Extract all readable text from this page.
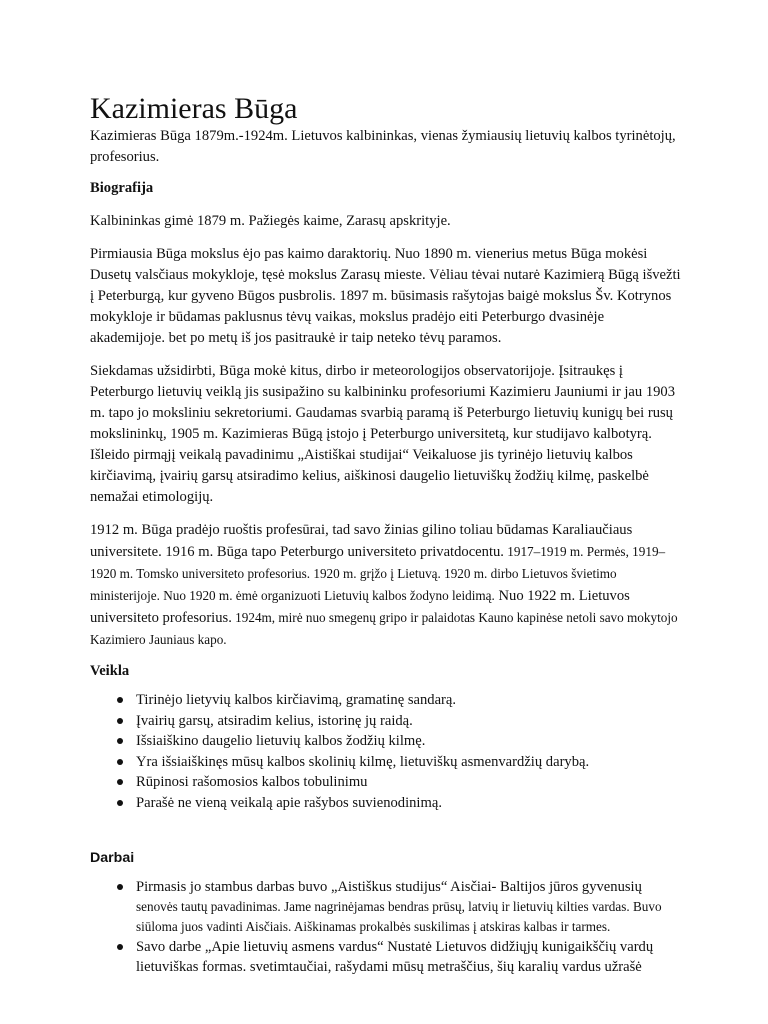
Kazimieras Būga

Kazimieras Būga 1879m.-1924m. Lietuvos kalbininkas, vienas žymiausių lietuvių kalbos tyrinėtojų, profesorius.

Biografija

Kalbininkas gimė 1879 m. Pažiegės kaime, Zarasų apskrityje.

Pirmiausia Būga mokslus ėjo pas kaimo daraktorių. Nuo 1890 m. vienerius metus Būga mokėsi Dusetų valsčiaus mokykloje, tęsė mokslus Zarasų mieste. Vėliau tėvai nutarė Kazimierą Būgą išvežti į Peterburgą, kur gyveno Būgos pusbrolis. 1897 m. būsimasis rašytojas baigė mokslus Šv. Kotrynos mokykloje ir būdamas paklusnus tėvų vaikas, mokslus pradėjo eiti Peterburgo dvasinėje akademijoje. bet po metų iš jos pasitraukė ir taip neteko tėvų paramos.

Siekdamas užsidirbti, Būga mokė kitus, dirbo ir meteorologijos observatorijoje. Įsitraukęs į Peterburgo lietuvių veiklą jis susipažino su kalbininku profesoriumi Kazimieru Jauniumi ir jau 1903 m. tapo jo moksliniu sekretoriumi. Gaudamas svarbią paramą iš Peterburgo lietuvių kunigų bei rusų mokslininkų, 1905 m. Kazimieras Būgą įstojo į Peterburgo universitetą, kur studijavo kalbotyrą. Išleido pirmąjį veikalą pavadinimu „Aistiškai studijai“ Veikaluose jis tyrinėjo lietuvių kalbos kirčiavimą, įvairių garsų atsiradimo kelius, aiškinosi daugelio lietuviškų žodžių kilmę, paskelbė nemažai etimologijų.

1912 m. Būga pradėjo ruoštis profesūrai, tad savo žinias gilino toliau būdamas Karaliaučiaus universitete. 1916 m. Būga tapo Peterburgo universiteto privatdocentu. 1917–1919 m. Permės, 1919–1920 m. Tomsko universiteto profesorius. 1920 m. grįžo į Lietuvą. 1920 m. dirbo Lietuvos švietimo ministerijoje. Nuo 1920 m. ėmė organizuoti Lietuvių kalbos žodyno leidimą. Nuo 1922 m. Lietuvos universiteto profesorius. 1924m, mirė nuo smegenų gripo ir palaidotas Kauno kapinėse netoli savo mokytojo Kazimiero Jauniaus kapo.

Veikla
Tirinėjo lietyvių kalbos kirčiavimą, gramatinę sandarą.
Įvairių garsų, atsiradim kelius, istorinę jų raidą.
Išsiaiškino daugelio lietuvių kalbos žodžių kilmę.
Yra išsiaiškinęs mūsų kalbos skolinių kilmę, lietuviškų asmenvardžių darybą.
Rūpinosi rašomosios kalbos tobulinimu
Parašė ne vieną veikalą apie rašybos suvienodinimą.
Darbai
Pirmasis jo stambus darbas buvo „Aistiškus studijus“ Aisčiai- Baltijos jūros gyvenusių senovės tautų pavadinimas. Jame nagrinėjamas bendras prūsų, latvių ir lietuvių kilties vardas. Buvo siūloma juos vadinti Aisčiais. Aiškinamas prokalbės suskilimas į atskiras kalbas ir tarmes.
Savo darbe „Apie lietuvių asmens vardus“ Nustatė Lietuvos didžiųjų kunigaikščių vardų lietuviškas formas. svetimtaučiai, rašydami mūsų metraščius, šių karalių vardus užrašė
